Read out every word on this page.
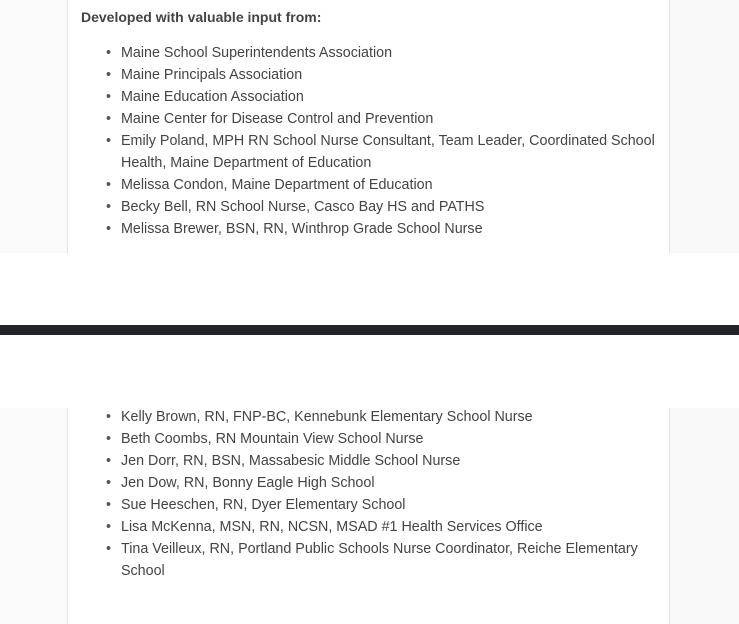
Developed with valuable input from:
• Maine School Superintendents Association
• Maine Principals Association
• Maine Education Association
• Maine Center for Disease Control and Prevention
• Emily Poland, MPH RN School Nurse Consultant, Team Leader, Coordinated School Health, Maine Department of Education
• Melissa Condon, Maine Department of Education
• Becky Bell, RN School Nurse, Casco Bay HS and PATHS
• Melissa Brewer, BSN, RN, Winthrop Grade School Nurse
• Kelly Brown, RN, FNP-BC, Kennebunk Elementary School Nurse
• Beth Coombs, RN Mountain View School Nurse
• Jen Dorr, RN, BSN, Massabesic Middle School Nurse
• Jen Dow, RN, Bonny Eagle High School
• Sue Heeschen, RN, Dyer Elementary School
• Lisa McKenna, MSN, RN, NCSN, MSAD #1 Health Services Office
• Tina Veilleux, RN, Portland Public Schools Nurse Coordinator, Reiche Elementary School
